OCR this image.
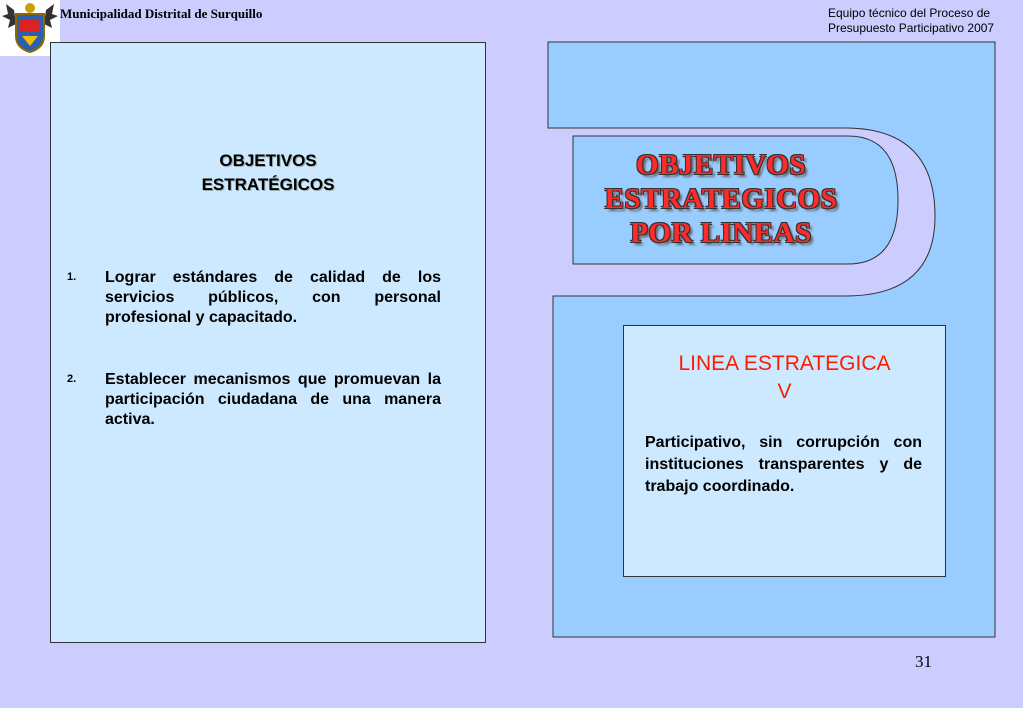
Municipalidad Distrital de Surquillo	Equipo técnico del Proceso de
Presupuesto Participativo 2007
OBJETIVOS
ESTRATÉGICOS
1. Lograr estándares de calidad de los servicios públicos, con personal profesional y capacitado.
2. Establecer mecanismos que promuevan la participación ciudadana de una manera activa.
OBJETIVOS
ESTRATEGICOS
POR LINEAS
LINEA ESTRATEGICA
V
Participativo, sin corrupción con instituciones transparentes y de trabajo coordinado.
31
